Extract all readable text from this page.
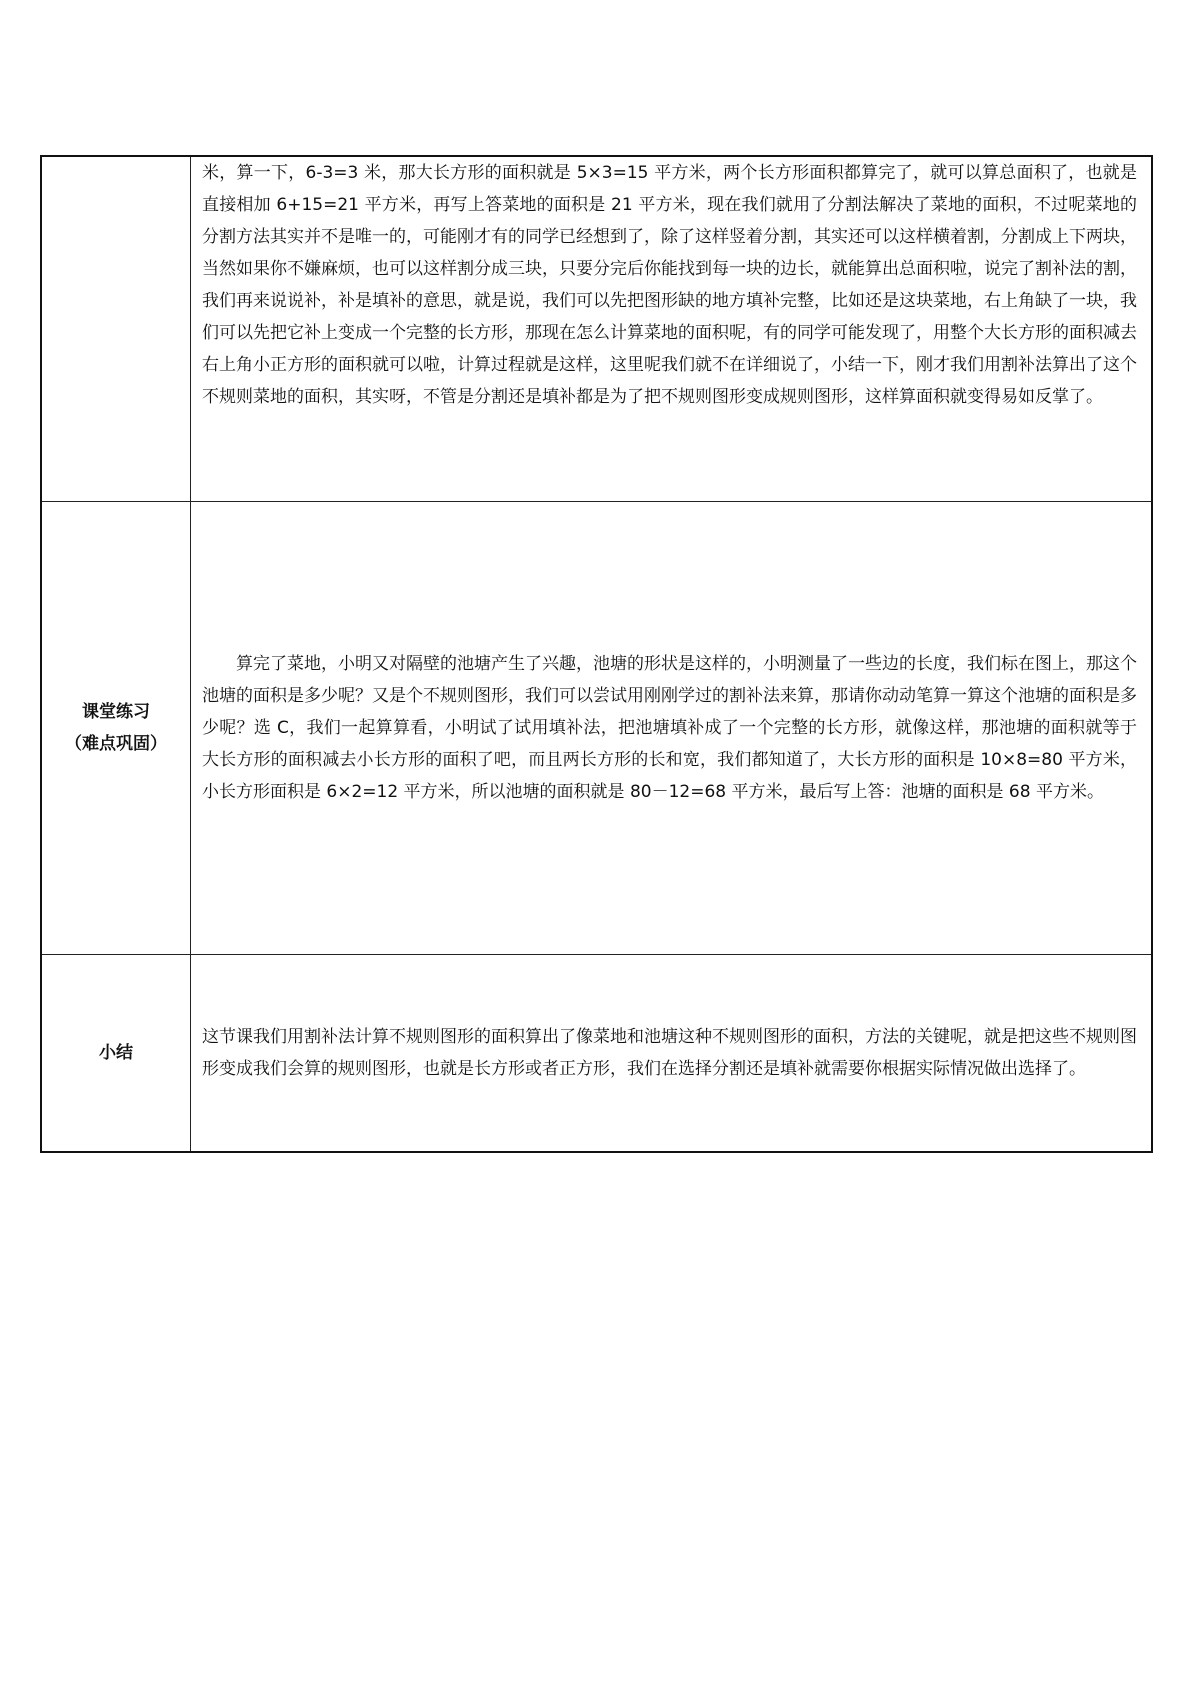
	米，算一下，6-3=3 米，那大长方形的面积就是 5×3=15 平方米，两个长方形面积都算完了，就可以算总面积了，也就是直接相加 6+15=21 平方米，再写上答菜地的面积是 21 平方米，现在我们就用了分割法解决了菜地的面积，不过呢菜地的分割方法其实并不是唯一的，可能刚才有的同学已经想到了，除了这样竖着分割，其实还可以这样横着割，分割成上下两块，当然如果你不嫌麻烦，也可以这样割分成三块，只要分完后你能找到每一块的边长，就能算出总面积啦，说完了割补法的割，我们再来说说补，补是填补的意思，就是说，我们可以先把图形缺的地方填补完整，比如还是这块菜地，右上角缺了一块，我们可以先把它补上变成一个完整的长方形，那现在怎么计算菜地的面积呢，有的同学可能发现了，用整个大长方形的面积减去右上角小正方形的面积就可以啦，计算过程就是这样，这里呢我们就不在详细说了，小结一下，刚才我们用割补法算出了这个不规则菜地的面积，其实呀，不管是分割还是填补都是为了把不规则图形变成规则图形，这样算面积就变得易如反掌了。

课堂练习
（难点巩固）	算完了菜地，小明又对隔壁的池塘产生了兴趣，池塘的形状是这样的，小明测量了一些边的长度，我们标在图上，那这个池塘的面积是多少呢？又是个不规则图形，我们可以尝试用刚刚学过的割补法来算，那请你动动笔算一算这个池塘的面积是多少呢？选 C，我们一起算算看，小明试了试用填补法，把池塘填补成了一个完整的长方形，就像这样，那池塘的面积就等于大长方形的面积减去小长方形的面积了吧，而且两长方形的长和宽，我们都知道了，大长方形的面积是 10×8=80 平方米，小长方形面积是 6×2=12 平方米，所以池塘的面积就是 80－12=68 平方米，最后写上答：池塘的面积是 68 平方米。

小结	这节课我们用割补法计算不规则图形的面积算出了像菜地和池塘这种不规则图形的面积，方法的关键呢，就是把这些不规则图形变成我们会算的规则图形，也就是长方形或者正方形，我们在选择分割还是填补就需要你根据实际情况做出选择了。
